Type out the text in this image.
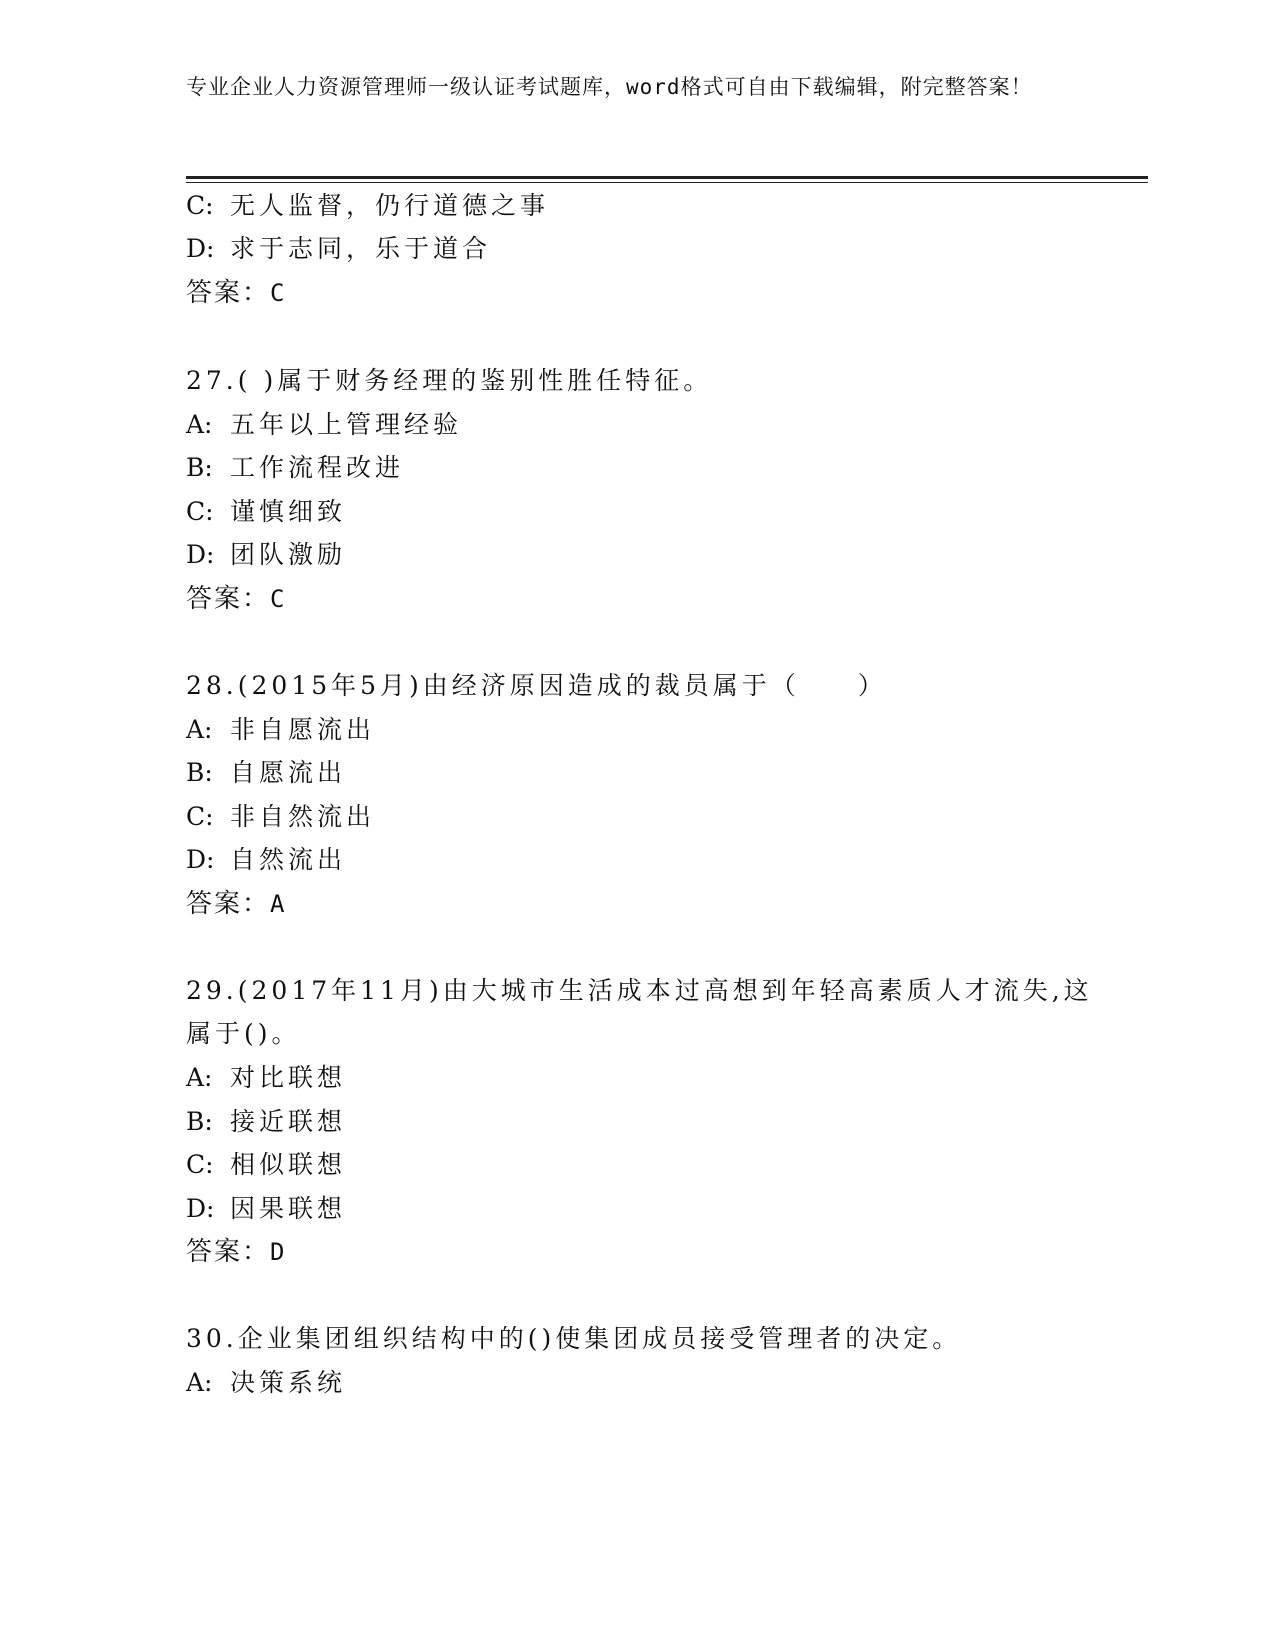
专业企业人力资源管理师一级认证考试题库，word格式可自由下载编辑，附完整答案！
C: 无人监督，仍行道德之事
D: 求于志同，乐于道合
答案：C
27.( )属于财务经理的鉴别性胜任特征。
A: 五年以上管理经验
B: 工作流程改进
C: 谨慎细致
D: 团队激励
答案：C
28.(2015年5月)由经济原因造成的裁员属于（　　）
A: 非自愿流出
B: 自愿流出
C: 非自然流出
D: 自然流出
答案：A
29.(2017年11月)由大城市生活成本过高想到年轻高素质人才流失,这
属于()。
A: 对比联想
B: 接近联想
C: 相似联想
D: 因果联想
答案：D
30.企业集团组织结构中的()使集团成员接受管理者的决定。
A: 决策系统
